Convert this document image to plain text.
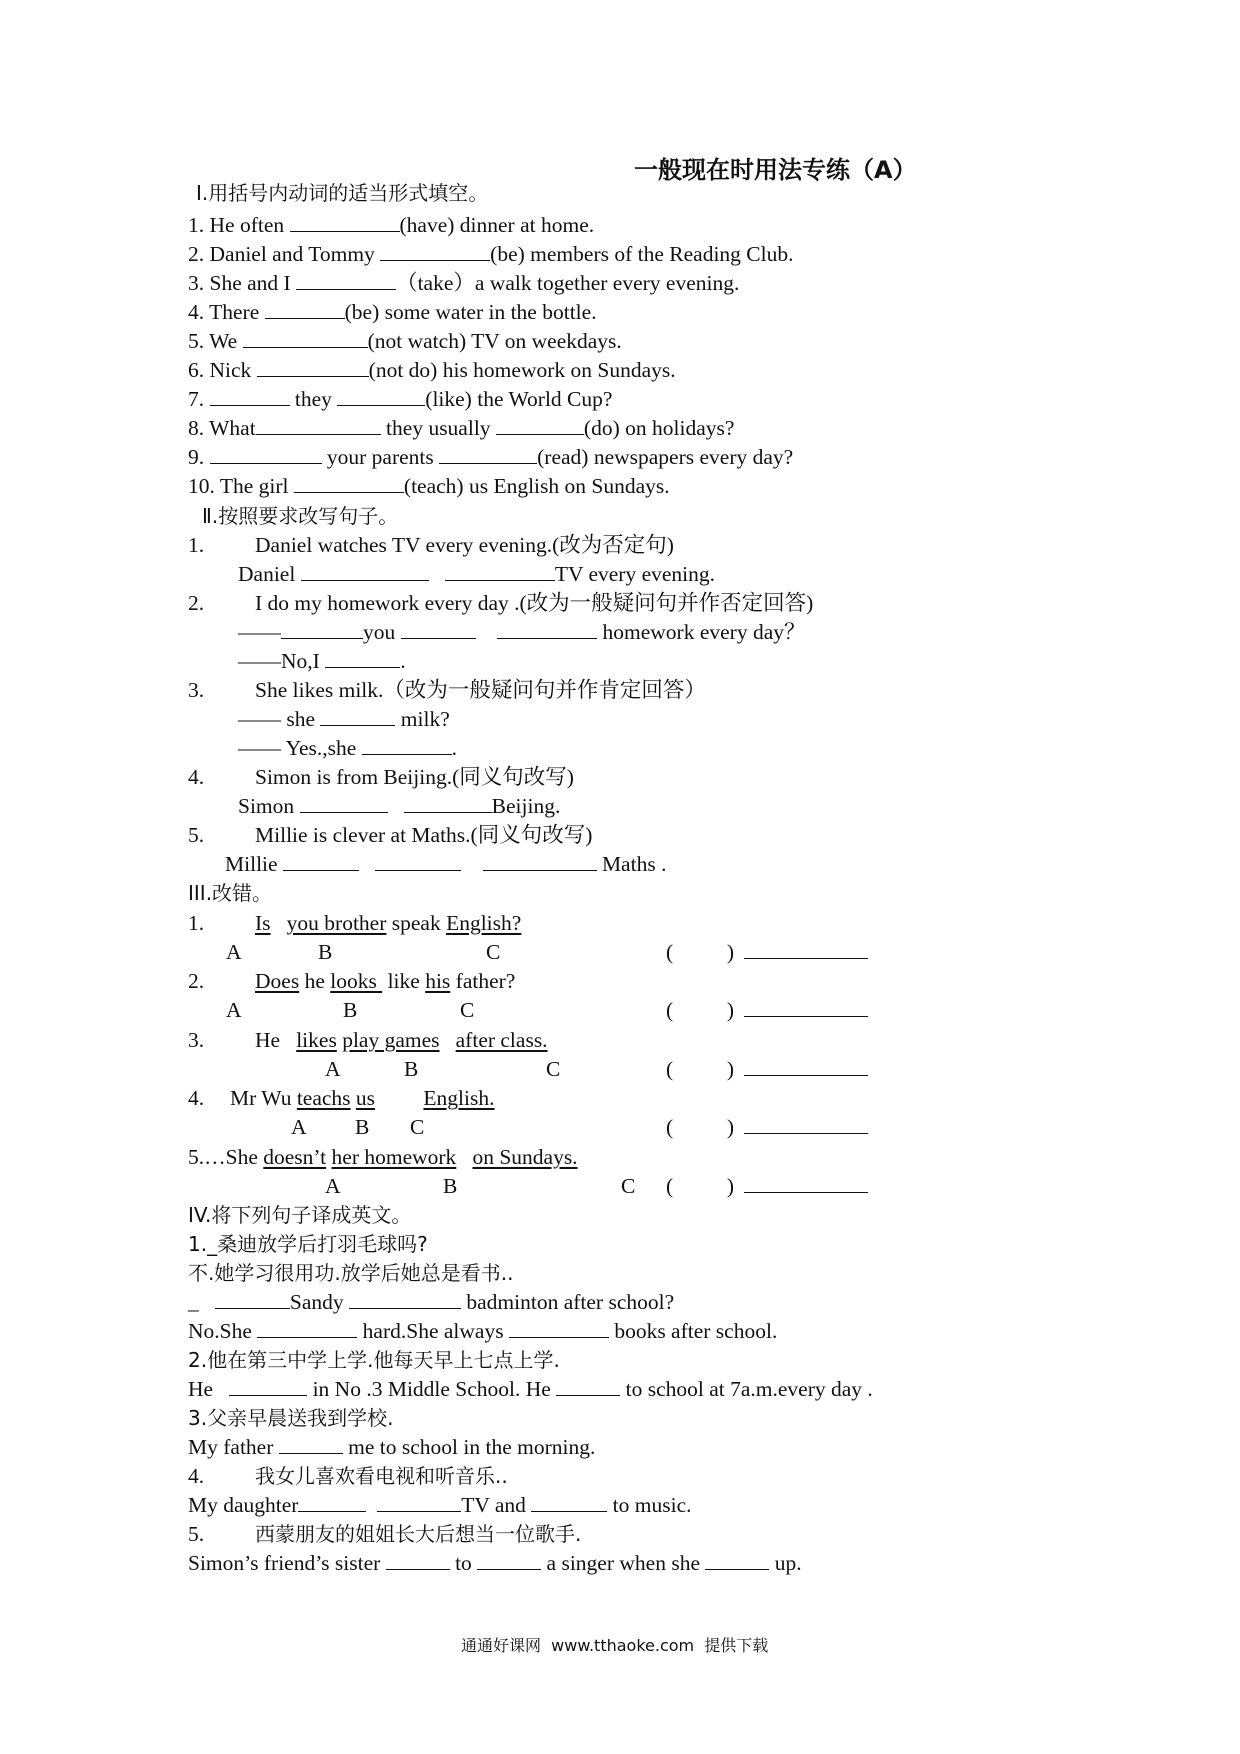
一般现在时用法专练（A）
Ⅰ.用括号内动词的适当形式填空。
1. He often	(have) dinner at home.
2. Daniel and Tommy	(be) members of the Reading Club.
3. She and I	（take）a walk together every evening.
4. There	(be) some water in the bottle.
5. We	(not watch) TV on weekdays.
6. Nick	(not do) his homework on Sundays.
7.	they	(like) the World Cup?
8. What	they usually	(do) on holidays?
9.	your parents	(read) newspapers every day?
10. The girl	(teach) us English on Sundays.
Ⅱ.按照要求改写句子。
1. Daniel watches TV every evening.(改为否定句)
Daniel	TV every evening.
2. I do my homework every day .(改为一般疑问句并作否定回答)
——	you	homework every day？
——No,I	.
3. She likes milk.（改为一般疑问句并作肯定回答）
—— she	milk?
—— Yes.,she	.
4. Simon is from Beijing.(同义句改写)
Simon	Beijing.
5. Millie is clever at Maths.(同义句改写)
Millie	Maths .
III.改错。
1. Is you brother speak English?
A	B	C	(          )
2. Does he looks  like his father?
A	B	C	(          )
3. He   likes play games after class.
A	B	C	(          )
4. Mr Wu teachs us English.
A B C	(          )
5.…She doesn’t her homework on Sundays.
A	B	C (          )
IV.将下列句子译成英文。
1._桑迪放学后打羽毛球吗?
不.她学习很用功.放学后她总是看书..
_	Sandy	badminton after school?
No.She	hard.She always	books after school.
2.他在第三中学上学.他每天早上七点上学.
He	in No .3 Middle School. He	to school at 7a.m.every day .
3.父亲早晨送我到学校.
My father	me to school in the morning.
4.	我女儿喜欢看电视和听音乐..
My daughter	TV and	to music.
5.	西蒙朋友的姐姐长大后想当一位歌手.
Simon’s friend’s sister	to	a singer when she	up.
通通好课网  www.tthaoke.com  提供下载
